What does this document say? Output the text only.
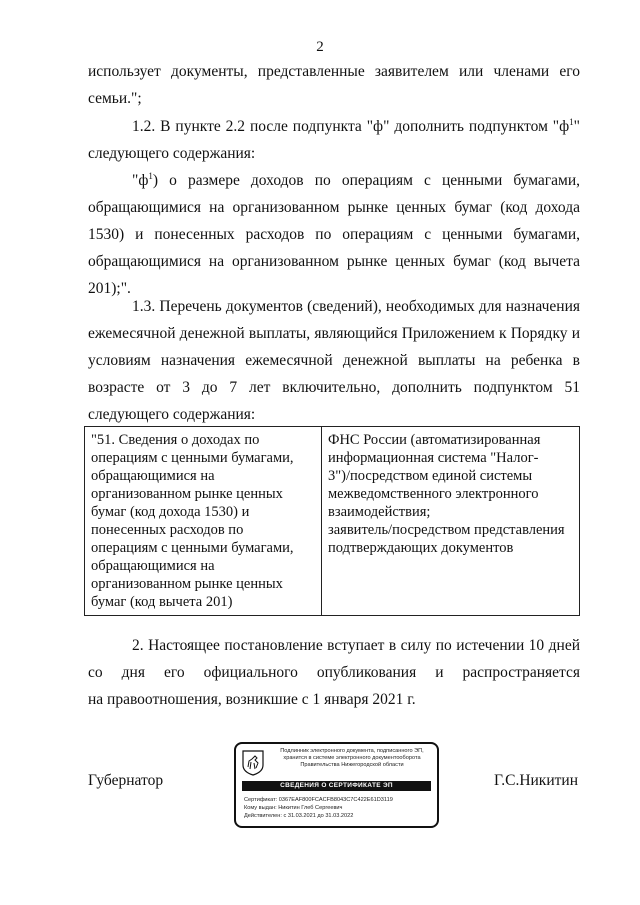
2
использует документы, представленные заявителем или членами его
семьи.";
1.2. В пункте 2.2 после подпункта "ф" дополнить подпунктом "$ф^1$"
следующего содержания:
"$ф^1$) о размере доходов по операциям с ценными бумагами,
обращающимися на организованном рынке ценных бумаг (код дохода
1530) и понесенных расходов по операциям с ценными бумагами,
обращающимися на организованном рынке ценных бумаг (код вычета
201);".
1.3. Перечень документов (сведений), необходимых для назначения
ежемесячной денежной выплаты, являющийся Приложением к Порядку и
условиям назначения ежемесячной денежной выплаты на ребенка в
возрасте от 3 до 7 лет включительно, дополнить подпунктом 51
следующего содержания:
"51. Сведения о доходах по
операциям с ценными бумагами,
обращающимися на
организованном рынке ценных
бумаг (код дохода 1530) и
понесенных расходов по
операциям с ценными бумагами,
обращающимися на
организованном рынке ценных
бумаг (код вычета 201)

ФНС России (автоматизированная
информационная система "Налог-
3")/посредством единой системы
межведомственного электронного
взаимодействия;
заявитель/посредством представления
подтверждающих документов
2. Настоящее постановление вступает в силу по истечении 10 дней
со дня его официального опубликования и распространяется
на правоотношения, возникшие с 1 января 2021 г.
Губернатор	Г.С.Никитин
Подлинник электронного документа, подписанного ЭП,
хранится в системе электронного документооборота
Правительства Нижегородской области
СВЕДЕНИЯ О СЕРТИФИКАТЕ ЭП
Сертификат: 0367EAF800FCACFB8043C7C422E61D3119
Кому выдан: Никитин Глеб Сергеевич
Действителен: с 31.03.2021 до 31.03.2022
